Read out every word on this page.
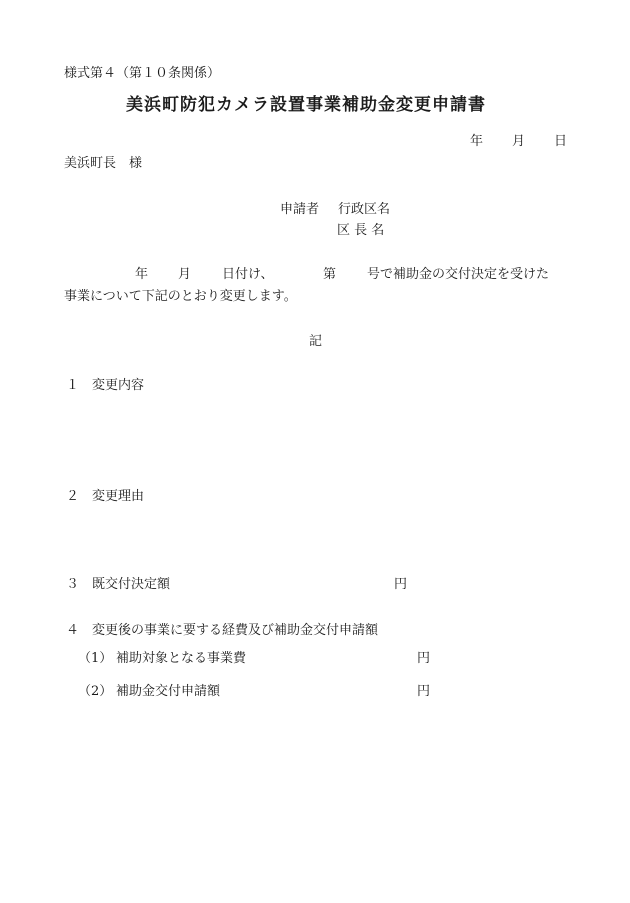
様式第４（第１０条関係）
美浜町防犯カメラ設置事業補助金変更申請書
年 月 日
美浜町長　様
申請者 行政区名
区 長 名
年 月 日付け、	第 号で補助金の交付決定を受けた
事業について下記のとおり変更します。
記
１ 変更内容
２ 変更理由
３ 既交付決定額	円
４ 変更後の事業に要する経費及び補助金交付申請額
（1） 補助対象となる事業費	円
（2） 補助金交付申請額	円
